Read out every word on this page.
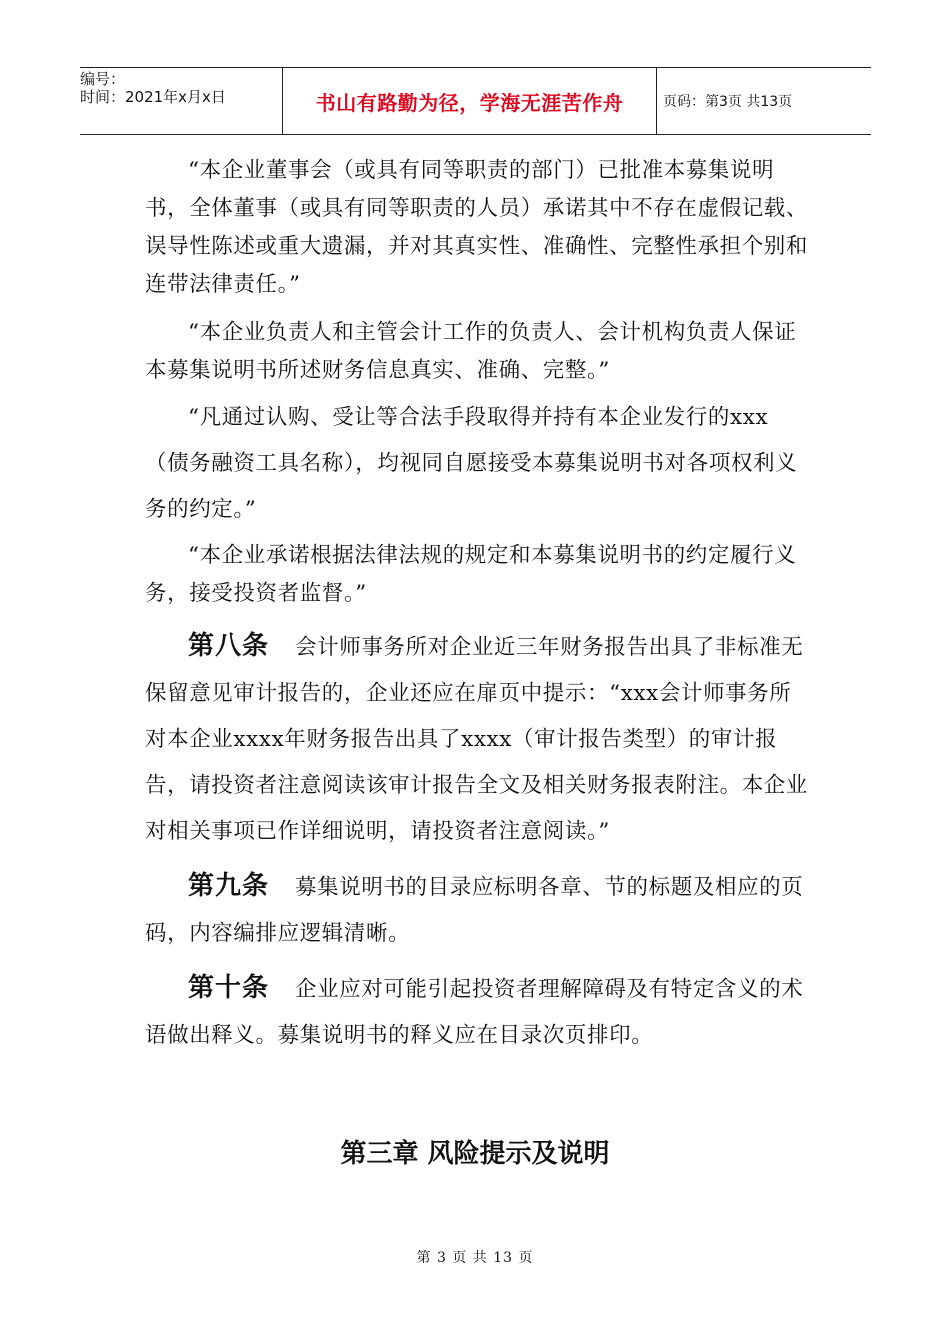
编号：
时间：2021年x月x日	书山有路勤为径，学海无涯苦作舟	页码：第3页 共13页

“本企业董事会（或具有同等职责的部门）已批准本募集说明书，全体董事（或具有同等职责的人员）承诺其中不存在虚假记载、误导性陈述或重大遗漏，并对其真实性、准确性、完整性承担个别和连带法律责任。”

“本企业负责人和主管会计工作的负责人、会计机构负责人保证本募集说明书所述财务信息真实、准确、完整。”

“凡通过认购、受让等合法手段取得并持有本企业发行的xxx（债务融资工具名称），均视同自愿接受本募集说明书对各项权利义务的约定。”

“本企业承诺根据法律法规的规定和本募集说明书的约定履行义务，接受投资者监督。”

第八条 会计师事务所对企业近三年财务报告出具了非标准无保留意见审计报告的，企业还应在扉页中提示：“xxx会计师事务所对本企业xxxx年财务报告出具了xxxx（审计报告类型）的审计报告，请投资者注意阅读该审计报告全文及相关财务报表附注。本企业对相关事项已作详细说明，请投资者注意阅读。”

第九条 募集说明书的目录应标明各章、节的标题及相应的页码，内容编排应逻辑清晰。

第十条 企业应对可能引起投资者理解障碍及有特定含义的术语做出释义。募集说明书的释义应在目录次页排印。

第三章 风险提示及说明
第 3 页 共 13 页
